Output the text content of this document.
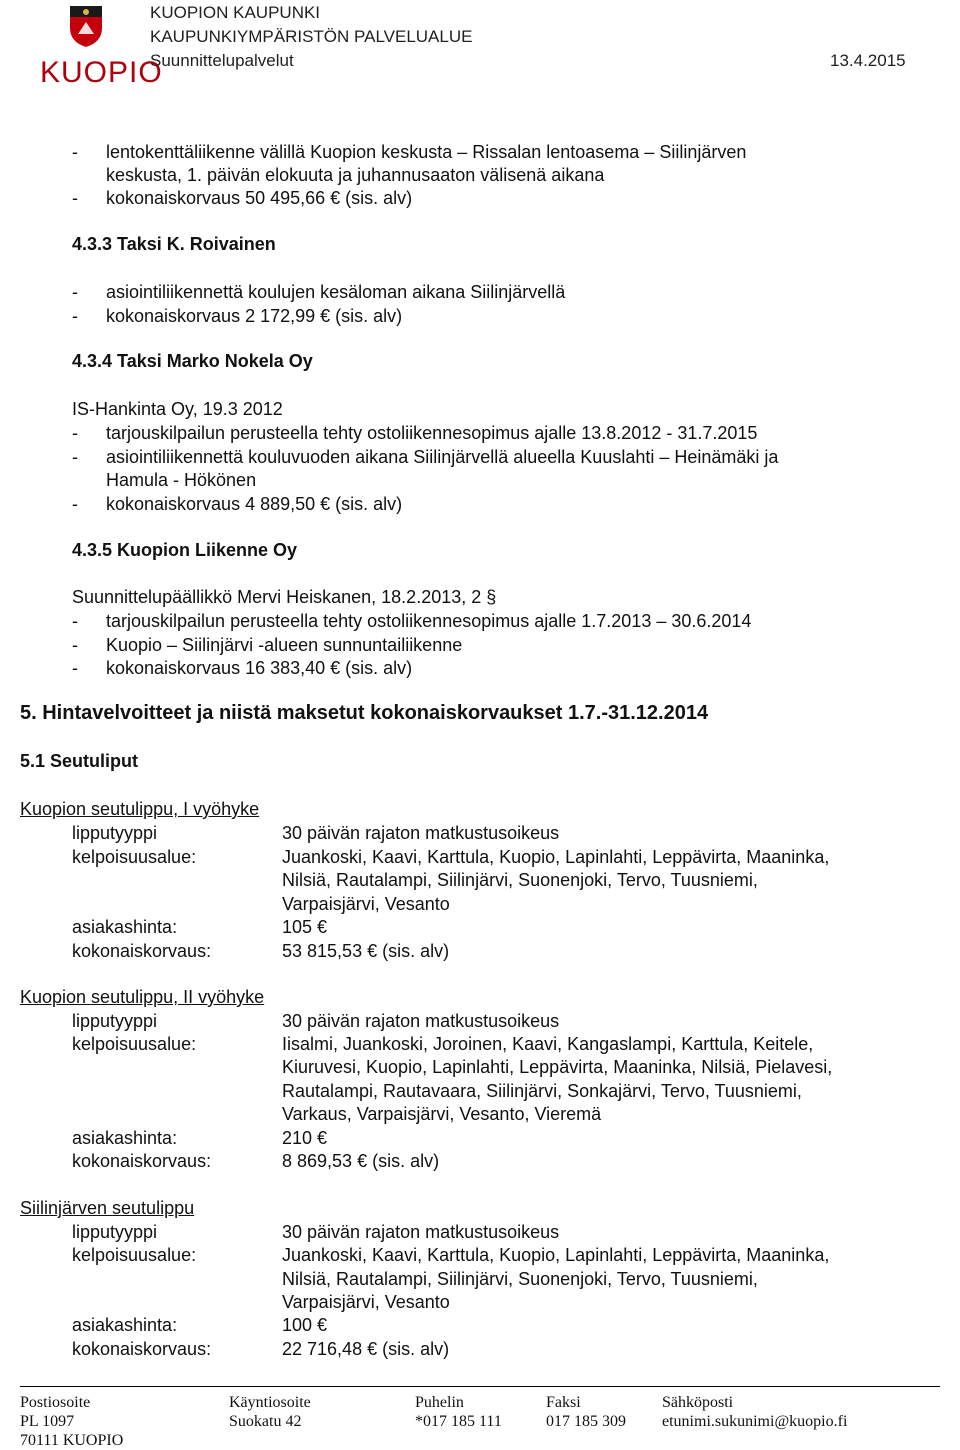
KUOPIO
KUOPION KAUPUNKI
KAUPUNKIYMPÄRISTÖN PALVELUALUE
Suunnittelupalvelut	13.4.2015
- lentokenttäliikenne välillä Kuopion keskusta – Rissalan lentoasema – Siilinjärven
keskusta, 1. päivän elokuuta ja juhannusaaton välisenä aikana
- kokonaiskorvaus 50 495,66 € (sis. alv)
4.3.3 Taksi K. Roivainen
- asiointiliikennettä koulujen kesäloman aikana Siilinjärvellä
- kokonaiskorvaus 2 172,99 € (sis. alv)
4.3.4 Taksi Marko Nokela Oy
IS-Hankinta Oy, 19.3 2012
- tarjouskilpailun perusteella tehty ostoliikennesopimus ajalle 13.8.2012 - 31.7.2015
- asiointiliikennettä kouluvuoden aikana Siilinjärvellä alueella Kuuslahti – Heinämäki ja
Hamula - Hökönen
- kokonaiskorvaus 4 889,50 € (sis. alv)
4.3.5 Kuopion Liikenne Oy
Suunnittelupäällikkö Mervi Heiskanen, 18.2.2013, 2 §
- tarjouskilpailun perusteella tehty ostoliikennesopimus ajalle 1.7.2013 – 30.6.2014
- Kuopio – Siilinjärvi -alueen sunnuntailiikenne
- kokonaiskorvaus 16 383,40 € (sis. alv)
5. Hintavelvoitteet ja niistä maksetut kokonaiskorvaukset 1.7.-31.12.2014
5.1 Seutuliput
Kuopion seutulippu, I vyöhyke
lipputyyppi	30 päivän rajaton matkustusoikeus
kelpoisuusalue:	Juankoski, Kaavi, Karttula, Kuopio, Lapinlahti, Leppävirta, Maaninka,
Nilsiä, Rautalampi, Siilinjärvi, Suonenjoki, Tervo, Tuusniemi,
Varpaisjärvi, Vesanto
asiakashinta:	105 €
kokonaiskorvaus:	53 815,53 € (sis. alv)
Kuopion seutulippu, II vyöhyke
lipputyyppi	30 päivän rajaton matkustusoikeus
kelpoisuusalue:	Iisalmi, Juankoski, Joroinen, Kaavi, Kangaslampi, Karttula, Keitele,
Kiuruvesi, Kuopio, Lapinlahti, Leppävirta, Maaninka, Nilsiä, Pielavesi,
Rautalampi, Rautavaara, Siilinjärvi, Sonkajärvi, Tervo, Tuusniemi,
Varkaus, Varpaisjärvi, Vesanto, Vieremä
asiakashinta:	210 €
kokonaiskorvaus:	8 869,53 € (sis. alv)
Siilinjärven seutulippu
lipputyyppi	30 päivän rajaton matkustusoikeus
kelpoisuusalue:	Juankoski, Kaavi, Karttula, Kuopio, Lapinlahti, Leppävirta, Maaninka,
Nilsiä, Rautalampi, Siilinjärvi, Suonenjoki, Tervo, Tuusniemi,
Varpaisjärvi, Vesanto
asiakashinta:	100 €
kokonaiskorvaus:	22 716,48 € (sis. alv)
Postiosoite
PL 1097
70111 KUOPIO
Käyntiosoite
Suokatu 42
Puhelin
*017 185 111
Faksi
017 185 309
Sähköposti
etunimi.sukunimi@kuopio.fi
